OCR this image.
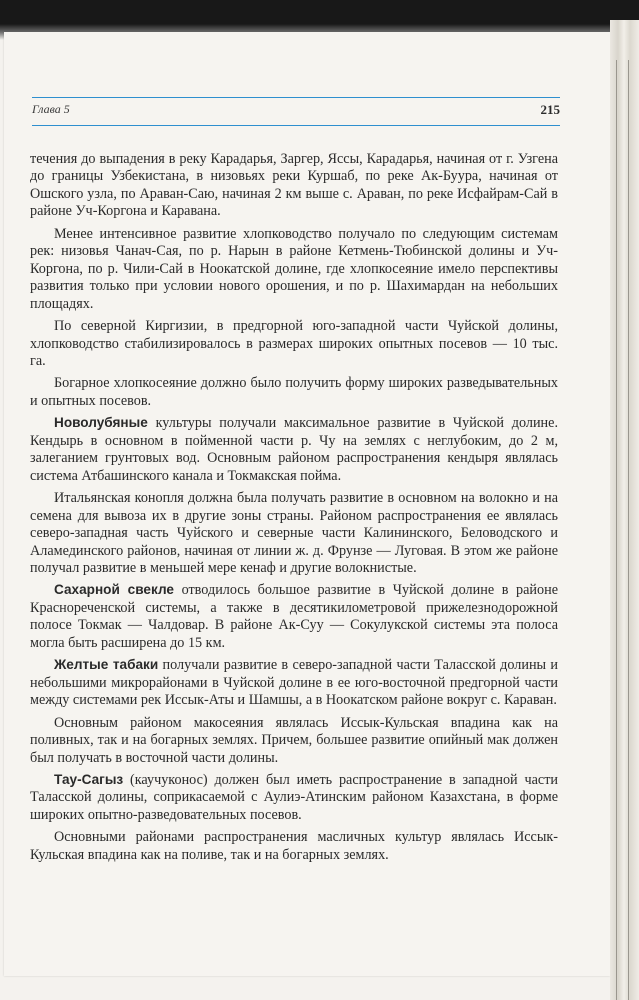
Глава 5	215

течения до выпадения в реку Карадарья, Заргер, Яссы, Карадарья, начиная от г. Узгена до границы Узбекистана, в низовьях реки Куршаб, по реке Ак-Буура, начиная от Ошского узла, по Араван-Саю, начиная 2 км выше с. Араван, по реке Исфайрам-Сай в районе Уч-Коргона и Каравана.

Менее интенсивное развитие хлопководство получало по следующим системам рек: низовья Чанач-Сая, по р. Нарын в районе Кетмень-Тюбинской долины и Уч-Коргона, по р. Чили-Сай в Ноокатской долине, где хлопкосеяние имело перспективы развития только при условии нового орошения, и по р. Шахимардан на небольших площадях.

По северной Киргизии, в предгорной юго-западной части Чуйской долины, хлопководство стабилизировалось в размерах широких опытных посевов — 10 тыс. га.

Богарное хлопкосеяние должно было получить форму широких разведывательных и опытных посевов.

Новолубяные культуры получали максимальное развитие в Чуйской долине. Кендырь в основном в пойменной части р. Чу на землях с неглубоким, до 2 м, залеганием грунтовых вод. Основным районом распространения кендыря являлась система Атбашинского канала и Токмакская пойма.

Итальянская конопля должна была получать развитие в основном на волокно и на семена для вывоза их в другие зоны страны. Районом распространения ее являлась северо-западная часть Чуйского и северные части Калининского, Беловодского и Аламединского районов, начиная от линии ж. д. Фрунзе — Луговая. В этом же районе получал развитие в меньшей мере кенаф и другие волокнистые.

Сахарной свекле отводилось большое развитие в Чуйской долине в районе Краснореченской системы, а также в десятикилометровой прижелезнодорожной полосе Токмак — Чалдовар. В районе Ак-Суу — Сокулукской системы эта полоса могла быть расширена до 15 км.

Желтые табаки получали развитие в северо-западной части Таласской долины и небольшими микрорайонами в Чуйской долине в ее юго-восточной предгорной части между системами рек Иссык-Аты и Шамшы, а в Ноокатском районе вокруг с. Караван.

Основным районом макосеяния являлась Иссык-Кульская впадина как на поливных, так и на богарных землях. Причем, большее развитие опийный мак должен был получать в восточной части долины.

Тау-Сагыз (каучуконос) должен был иметь распространение в западной части Таласской долины, соприкасаемой с Аулиэ-Атинским районом Казахстана, в форме широких опытно-разведовательных посевов.

Основными районами распространения масличных культур являлась Иссык-Кульская впадина как на поливе, так и на богарных землях.
